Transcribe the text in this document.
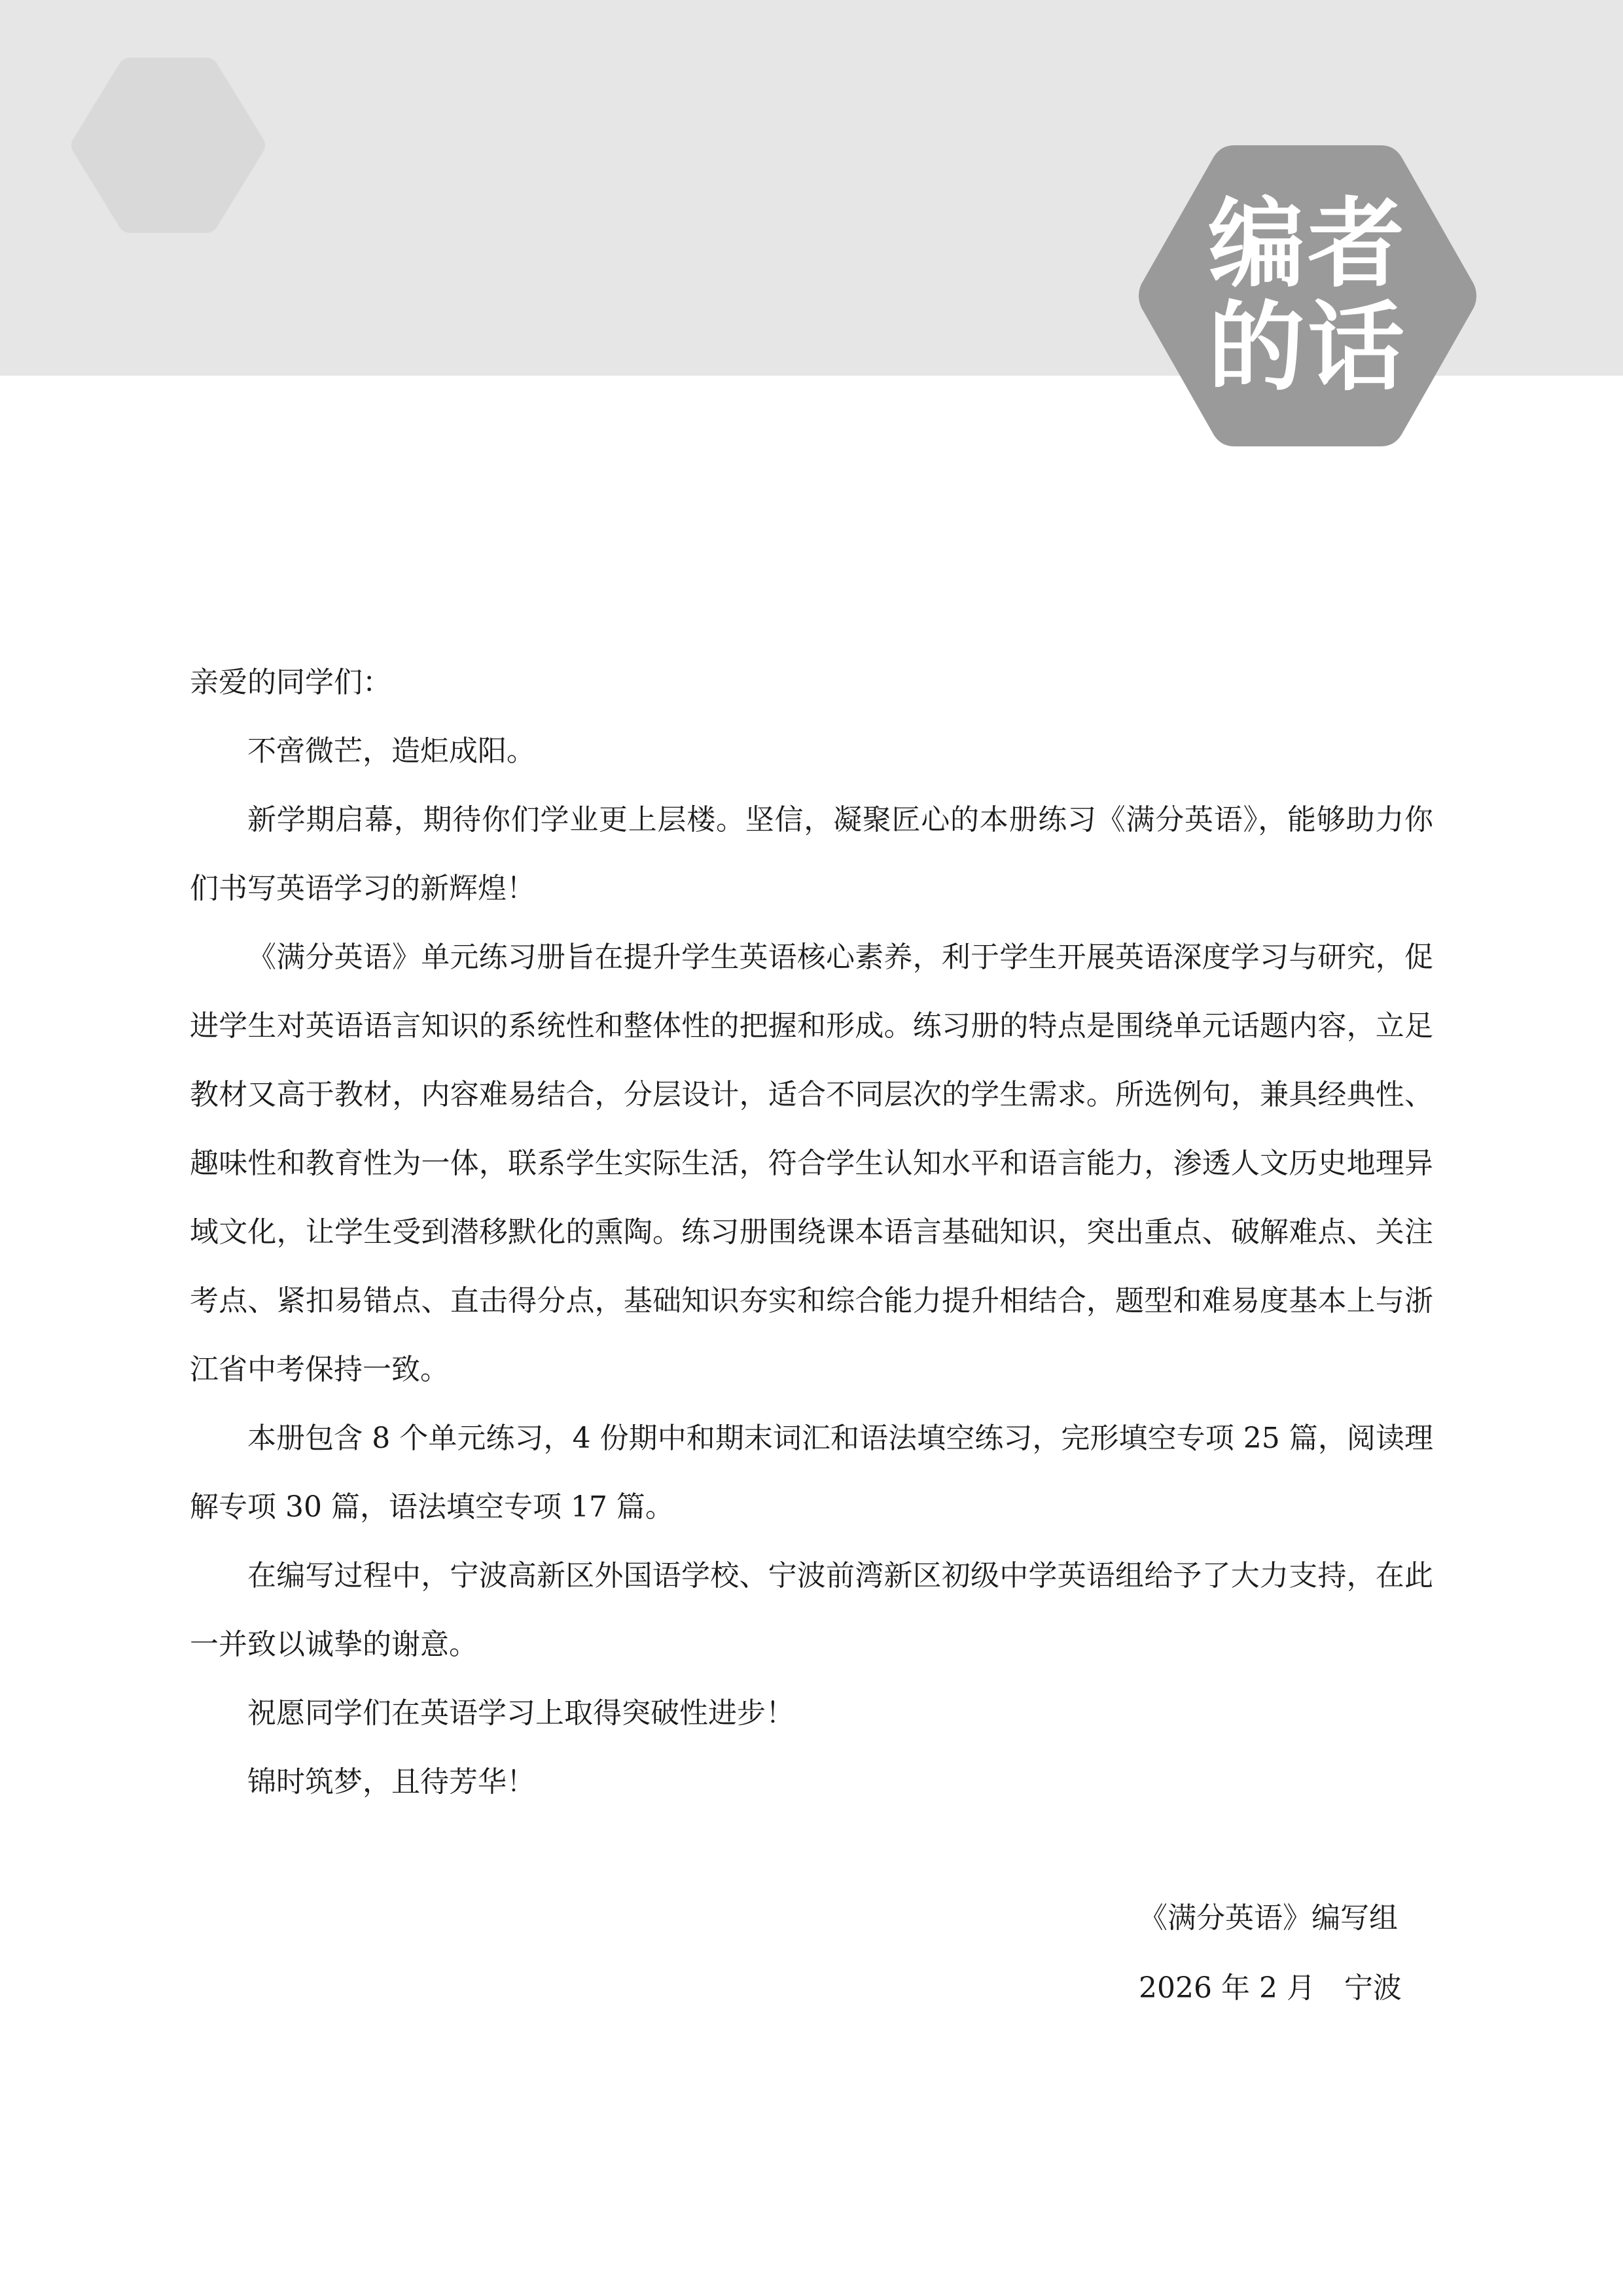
编者
的话

亲爱的同学们：

不啻微芒，造炬成阳。

新学期启幕，期待你们学业更上层楼。坚信，凝聚匠心的本册练习《满分英语》，能够助力你们书写英语学习的新辉煌！

《满分英语》单元练习册旨在提升学生英语核心素养，利于学生开展英语深度学习与研究，促进学生对英语语言知识的系统性和整体性的把握和形成。练习册的特点是围绕单元话题内容，立足教材又高于教材，内容难易结合，分层设计，适合不同层次的学生需求。所选例句，兼具经典性、趣味性和教育性为一体，联系学生实际生活，符合学生认知水平和语言能力，渗透人文历史地理异域文化，让学生受到潜移默化的熏陶。练习册围绕课本语言基础知识，突出重点、破解难点、关注考点、紧扣易错点、直击得分点，基础知识夯实和综合能力提升相结合，题型和难易度基本上与浙江省中考保持一致。

本册包含 8 个单元练习，4 份期中和期末词汇和语法填空练习，完形填空专项 25 篇，阅读理解专项 30 篇，语法填空专项 17 篇。

在编写过程中，宁波高新区外国语学校、宁波前湾新区初级中学英语组给予了大力支持，在此一并致以诚挚的谢意。

祝愿同学们在英语学习上取得突破性进步！

锦时筑梦，且待芳华！

《满分英语》编写组
2026 年 2 月　宁波
